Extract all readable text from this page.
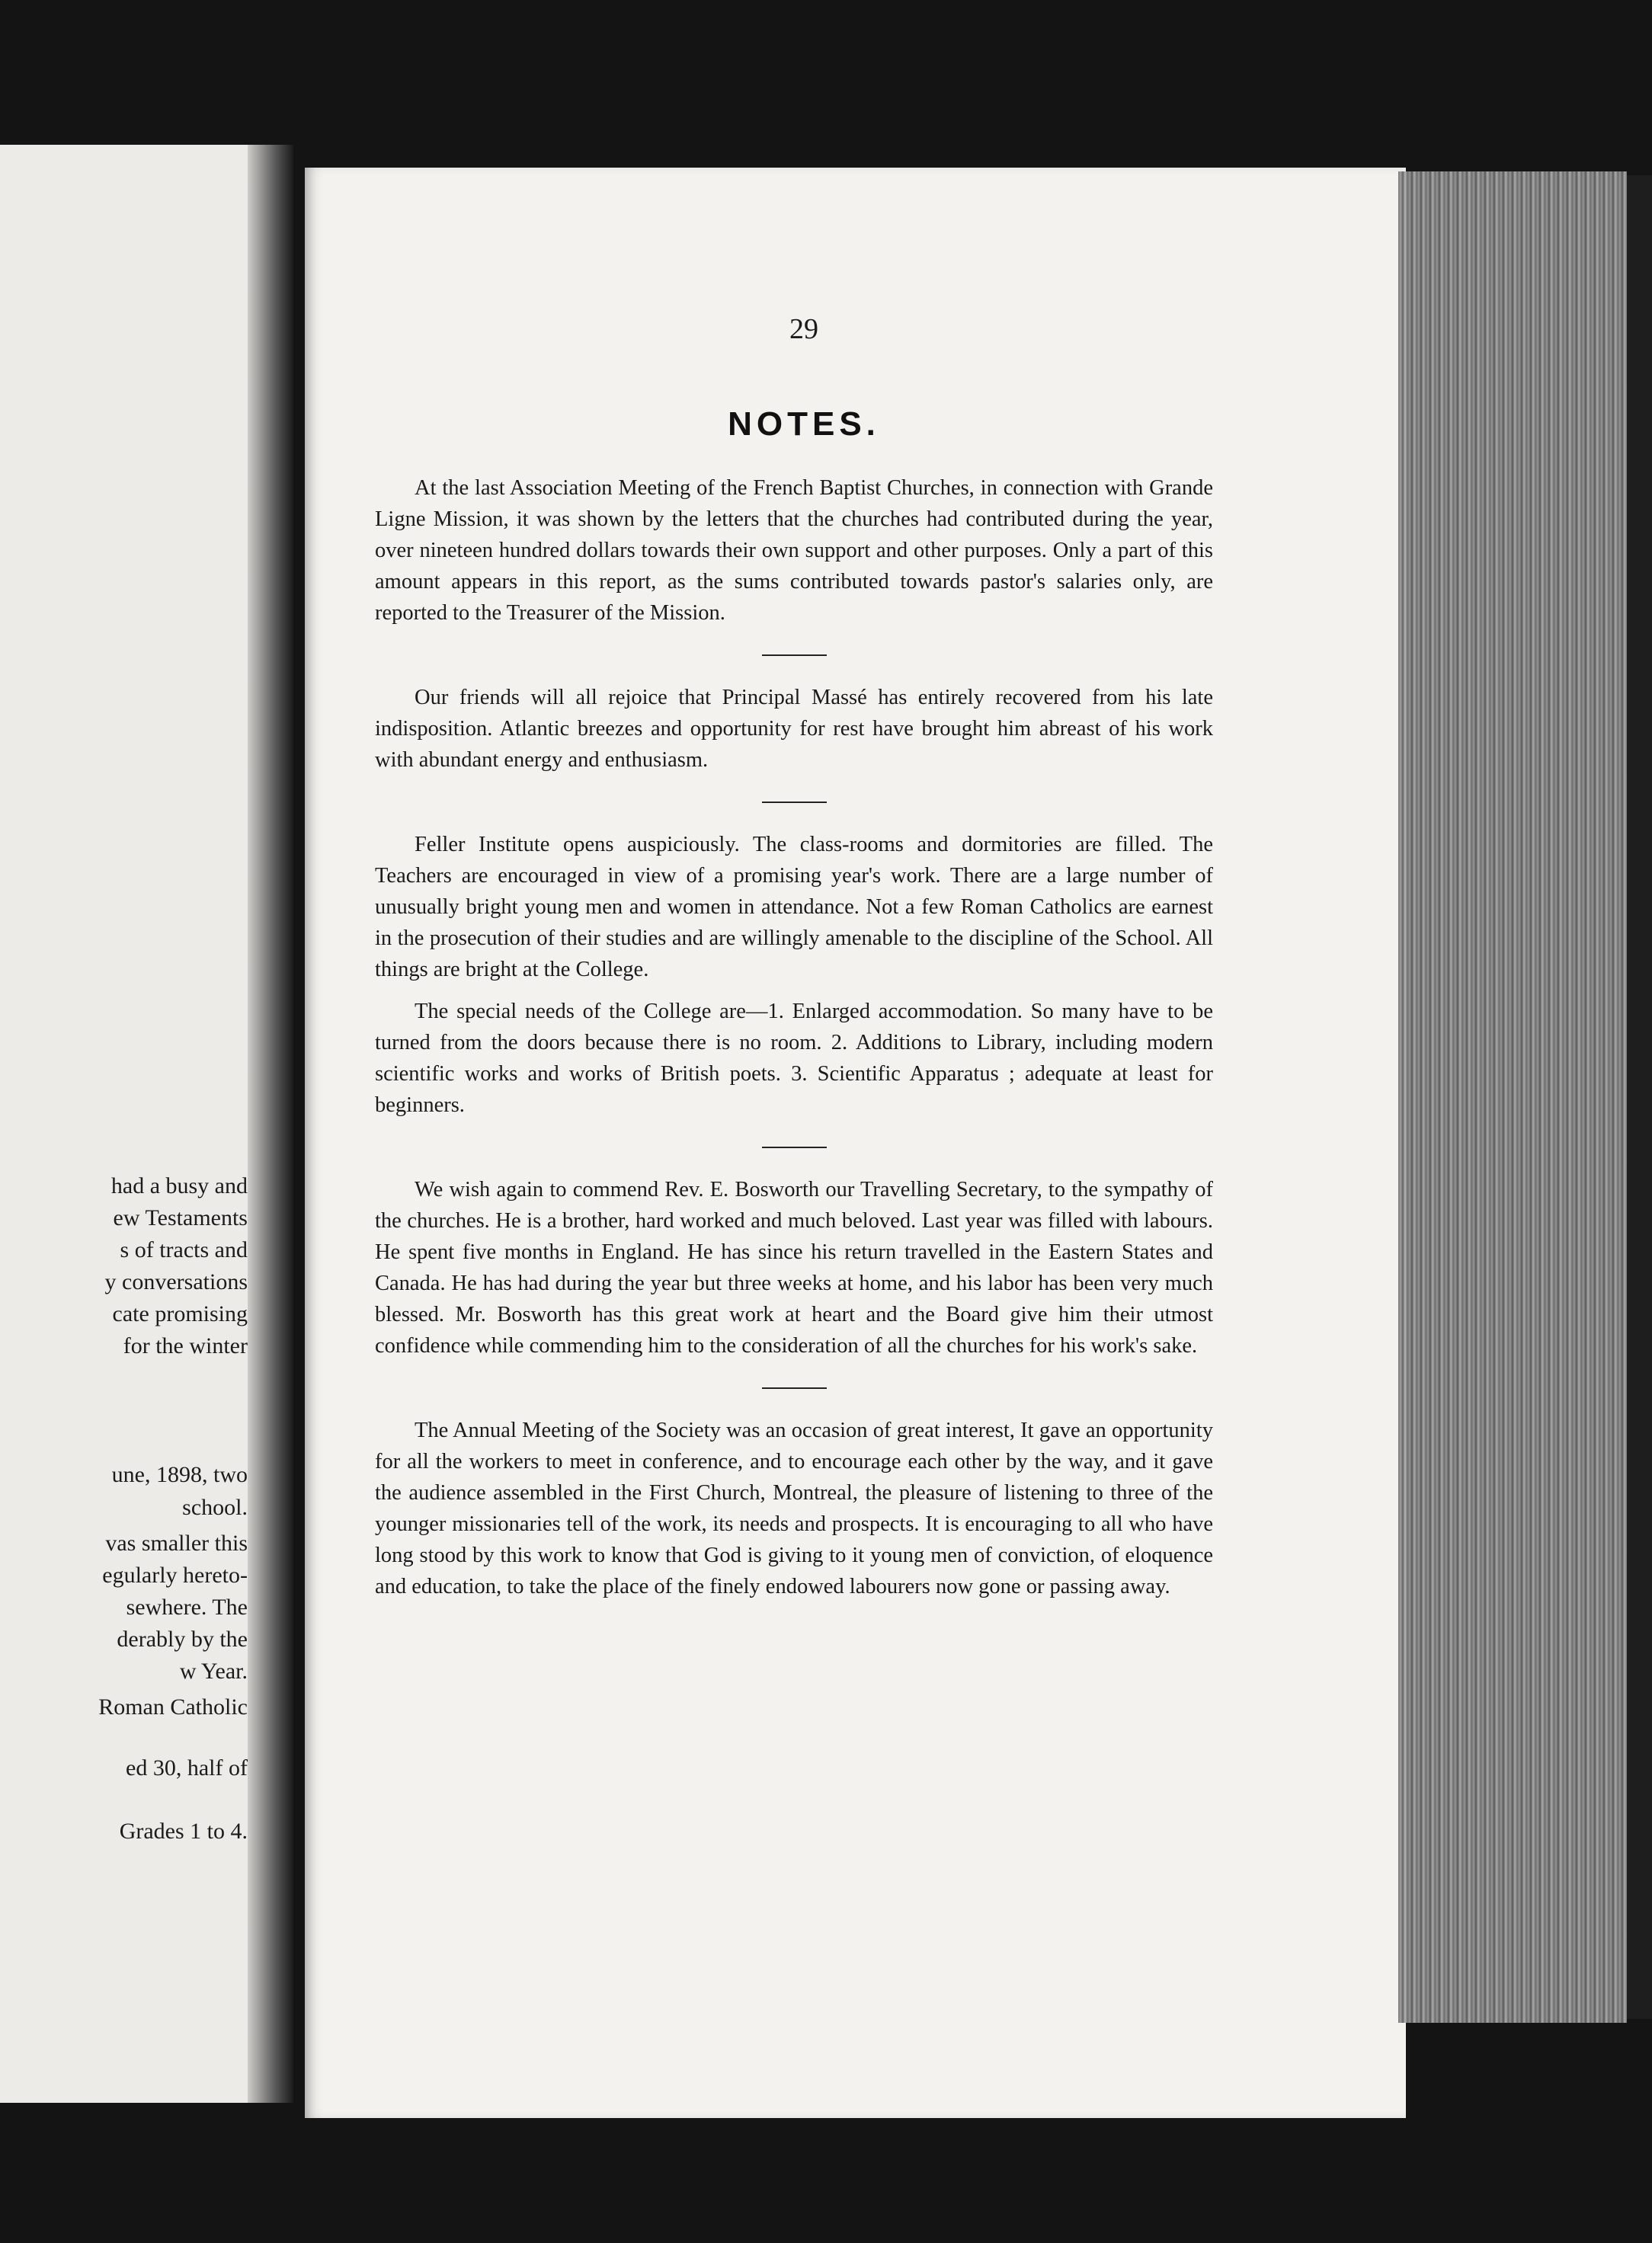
had a busy and

ew Testaments

s of tracts and

y conversations

cate promising

for the winter

une, 1898, two

school.

vas smaller this

egularly hereto-

sewhere. The

derably by the

w Year.

Roman Catholic

ed 30, half of

Grades 1 to 4.

29

NOTES.

At the last Association Meeting of the French Baptist Churches, in connection with Grande Ligne Mission, it was shown by the letters that the churches had contributed during the year, over nineteen hundred dollars towards their own support and other purposes. Only a part of this amount appears in this report, as the sums contributed towards pastor's salaries only, are reported to the Treasurer of the Mission.

Our friends will all rejoice that Principal Massé has entirely recovered from his late indisposition. Atlantic breezes and opportunity for rest have brought him abreast of his work with abundant energy and enthusiasm.

Feller Institute opens auspiciously. The class-rooms and dormitories are filled. The Teachers are encouraged in view of a promising year's work. There are a large number of unusually bright young men and women in attendance. Not a few Roman Catholics are earnest in the prosecution of their studies and are willingly amenable to the discipline of the School. All things are bright at the College.

The special needs of the College are—1. Enlarged accommodation. So many have to be turned from the doors because there is no room. 2. Additions to Library, including modern scientific works and works of British poets. 3. Scientific Apparatus ; adequate at least for beginners.

We wish again to commend Rev. E. Bosworth our Travelling Secretary, to the sympathy of the churches. He is a brother, hard worked and much beloved. Last year was filled with labours. He spent five months in England. He has since his return travelled in the Eastern States and Canada. He has had during the year but three weeks at home, and his labor has been very much blessed. Mr. Bosworth has this great work at heart and the Board give him their utmost confidence while commending him to the consideration of all the churches for his work's sake.

The Annual Meeting of the Society was an occasion of great interest, It gave an opportunity for all the workers to meet in conference, and to encourage each other by the way, and it gave the audience assembled in the First Church, Montreal, the pleasure of listening to three of the younger missionaries tell of the work, its needs and prospects. It is encouraging to all who have long stood by this work to know that God is giving to it young men of conviction, of eloquence and education, to take the place of the finely endowed labourers now gone or passing away.
